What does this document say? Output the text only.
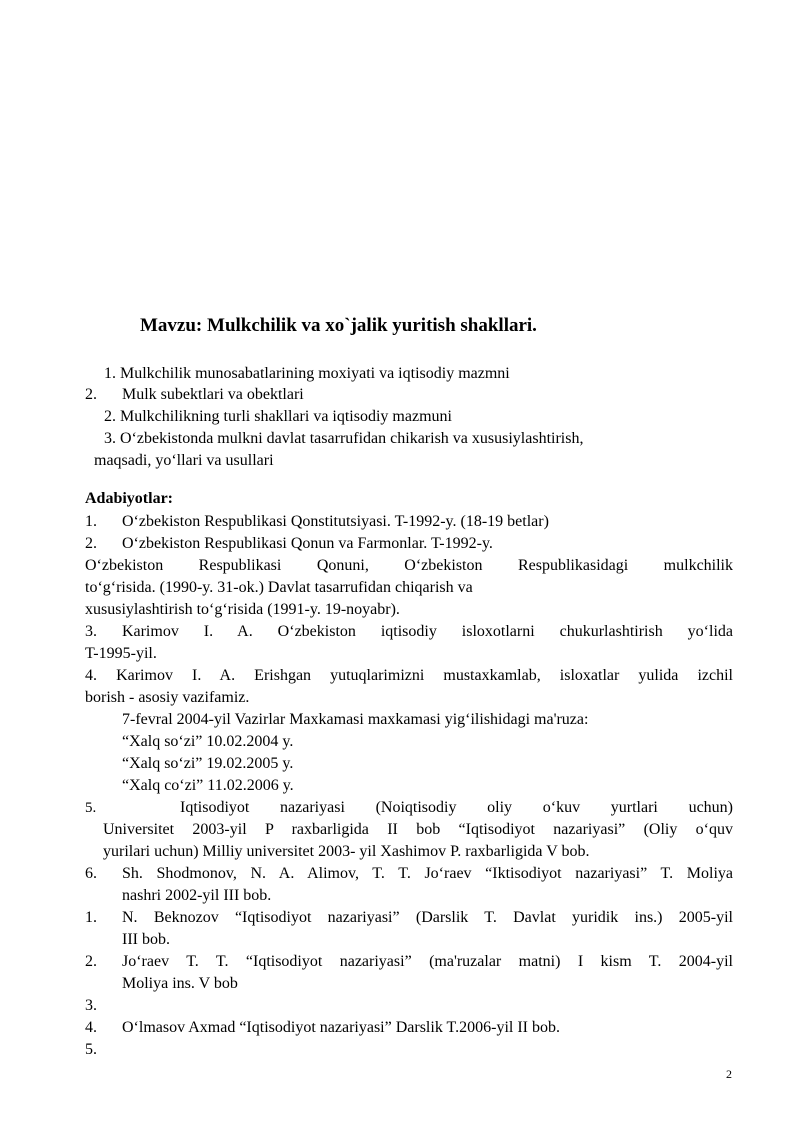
Mavzu: Mulkchilik va xo`jalik yuritish shakllari.
1. Mulkchilik munosabatlarining moxiyati va iqtisodiy mazmni
2. Mulk subektlari va obektlari
2. Mulkchilikning turli shakllari va iqtisodiy mazmuni
3. O‘zbekistonda mulkni davlat tasarrufidan chikarish va xususiylashtirish,
maqsadi, yo‘llari va usullari
Adabiyotlar:
1. O‘zbekiston Respublikasi Qonstitutsiyasi. T-1992-y. (18-19 betlar)
2. O‘zbekiston Respublikasi Qonun va Farmonlar. T-1992-y.
O‘zbekiston Respublikasi Qonuni, O‘zbekiston Respublikasidagi mulkchilik
to‘g‘risida. (1990-y. 31-ok.) Davlat tasarrufidan chiqarish va
xususiylashtirish to‘g‘risida (1991-y. 19-noyabr).
3. Karimov I. A. O‘zbekiston iqtisodiy isloxotlarni chukurlashtirish yo‘lida
T-1995-yil.
4. Karimov I. A. Erishgan yutuqlarimizni mustaxkamlab, isloxatlar yulida izchil
borish - asosiy vazifamiz.
7-fevral 2004-yil Vazirlar Maxkamasi maxkamasi yig‘ilishidagi ma'ruza:
“Xalq so‘zi” 10.02.2004 y.
“Xalq so‘zi” 19.02.2005 y.
“Xalq co‘zi” 11.02.2006 y.
5.	Iqtisodiyot nazariyasi (Noiqtisodiy oliy o‘kuv yurtlari uchun)
Universitet 2003-yil P raxbarligida II bob “Iqtisodiyot nazariyasi” (Oliy o‘quv
yurilari uchun) Milliy universitet 2003- yil Xashimov P. raxbarligida V bob.
6. Sh. Shodmonov, N. A. Alimov, T. T. Jo‘raev “Iktisodiyot nazariyasi” T. Moliya
nashri 2002-yil III bob.
1. N. Beknozov “Iqtisodiyot nazariyasi” (Darslik T. Davlat yuridik ins.) 2005-yil
III bob.
2. Jo‘raev T. T. “Iqtisodiyot nazariyasi” (ma'ruzalar matni) I kism T. 2004-yil
Moliya ins. V bob
3.
4. O‘lmasov Axmad “Iqtisodiyot nazariyasi” Darslik T.2006-yil II bob.
5.
2
